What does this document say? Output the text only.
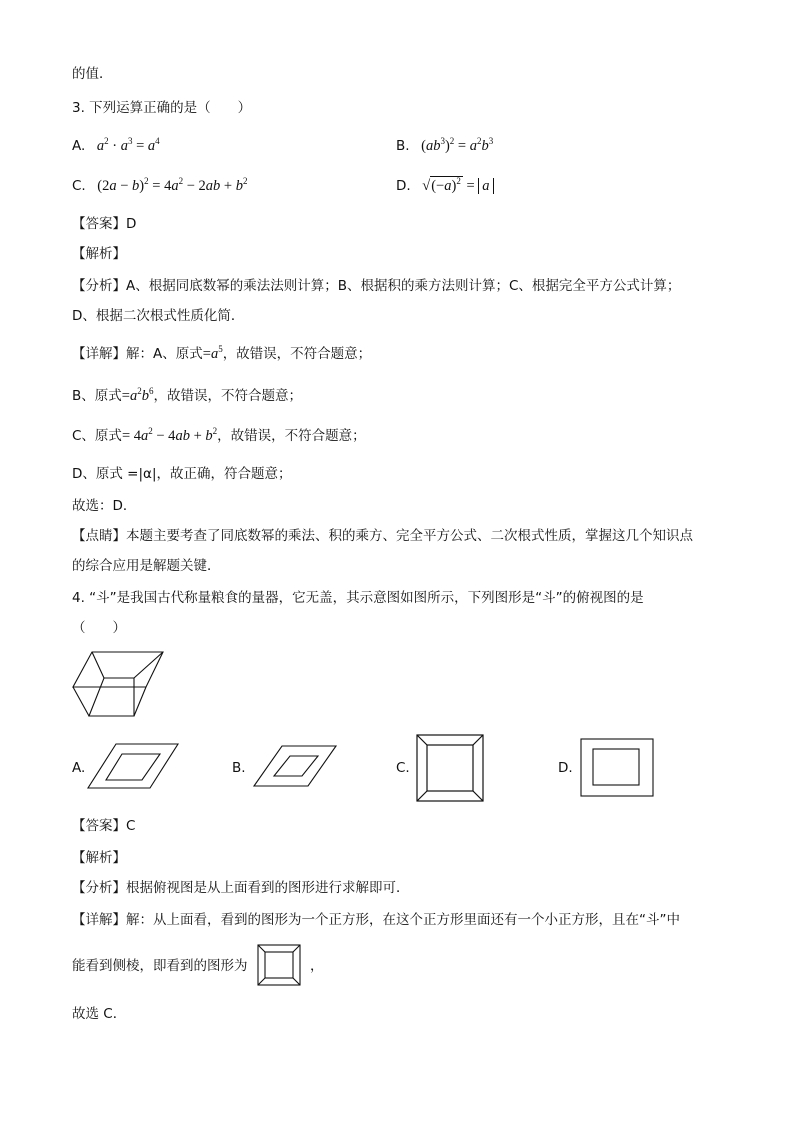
的值．
3. 下列运算正确的是（　　）
A.   $a^2 \cdot a^3 = a^4$	B. $(ab^3)^2 = a^2b^3$
C. $(2a - b)^2 = 4a^2 - 2ab + b^2$	D. $√(-a)^2 = a$
【答案】D
【解析】
【分析】A、根据同底数幂的乘法法则计算；B、根据积的乘方法则计算；C、根据完全平方公式计算；
D、根据二次根式性质化简．
【详解】解：A、原式$=a^5$，故错误，不符合题意；
B、原式$=a^2b^6$，故错误，不符合题意；
C、原式= $4a^2 - 4ab + b^2$，故错误，不符合题意；
D、原式 =|α|，故正确，符合题意；
故选：D．
【点睛】本题主要考查了同底数幂的乘法、积的乘方、完全平方公式、二次根式性质，掌握这几个知识点
的综合应用是解题关键．
4. “斗”是我国古代称量粮食的量器，它无盖，其示意图如图所示，下列图形是“斗”的俯视图的是
（　　）
A.	B.	C.	D.
【答案】C
【解析】
【分析】根据俯视图是从上面看到的图形进行求解即可．
【详解】解：从上面看，看到的图形为一个正方形，在这个正方形里面还有一个小正方形，且在“斗”中
能看到侧棱，即看到的图形为	，
故选 C．
